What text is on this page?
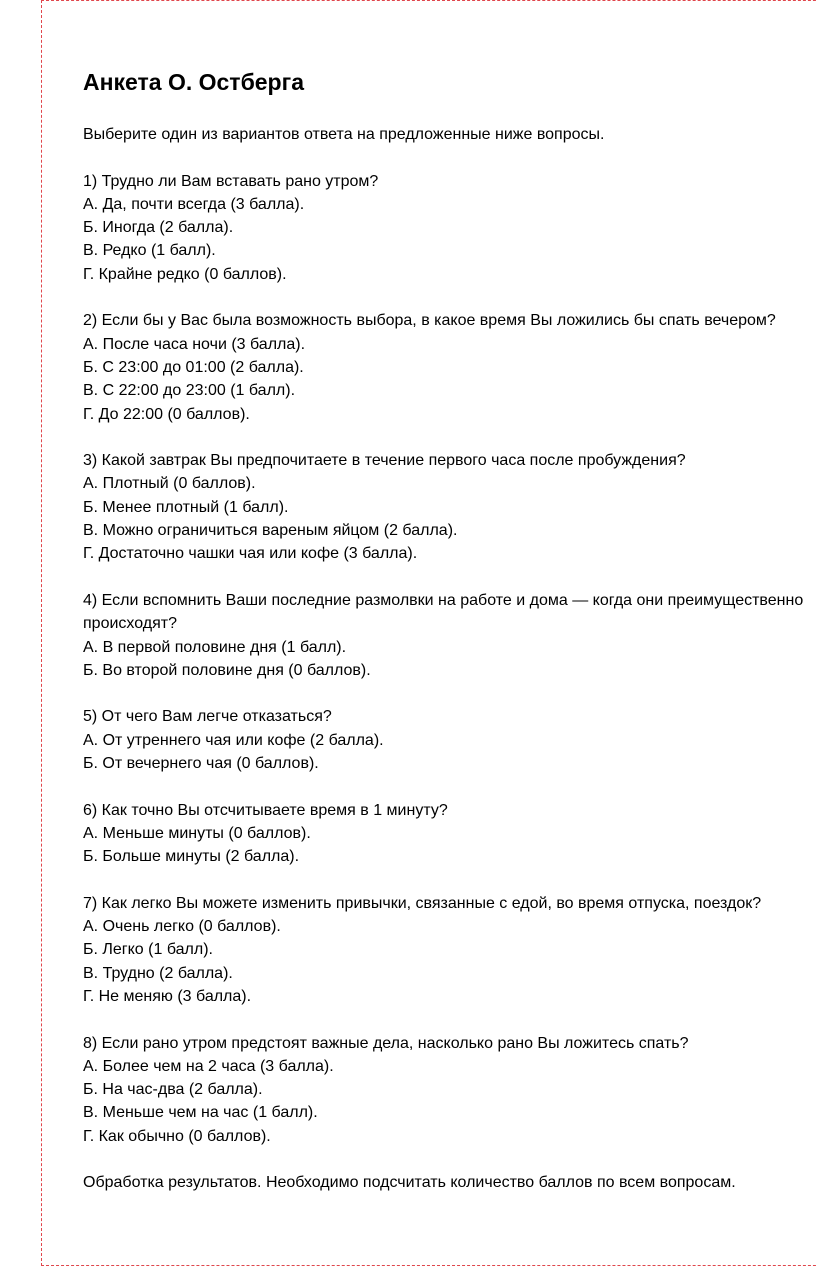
Анкета О. Остберга

Выберите один из вариантов ответа на предложенные ниже вопросы.

1) Трудно ли Вам вставать рано утром?

А. Да, почти всегда (3 балла).

Б. Иногда (2 балла).

В. Редко (1 балл).

Г. Крайне редко (0 баллов).

2) Если бы у Вас была возможность выбора, в какое время Вы ложились бы спать вечером?

А. После часа ночи (3 балла).

Б. С 23:00 до 01:00 (2 балла).

В. С 22:00 до 23:00 (1 балл).

Г. До 22:00 (0 баллов).

3) Какой завтрак Вы предпочитаете в течение первого часа после пробуждения?

А. Плотный (0 баллов).

Б. Менее плотный (1 балл).

В. Можно ограничиться вареным яйцом (2 балла).

Г. Достаточно чашки чая или кофе (3 балла).

4) Если вспомнить Ваши последние размолвки на работе и дома — когда они преимущественно происходят?

А. В первой половине дня (1 балл).

Б. Во второй половине дня (0 баллов).

5) От чего Вам легче отказаться?

А. От утреннего чая или кофе (2 балла).

Б. От вечернего чая (0 баллов).

6) Как точно Вы отсчитываете время в 1 минуту?

А. Меньше минуты (0 баллов).

Б. Больше минуты (2 балла).

7) Как легко Вы можете изменить привычки, связанные с едой, во время отпуска, поездок?

А. Очень легко (0 баллов).

Б. Легко (1 балл).

В. Трудно (2 балла).

Г. Не меняю (3 балла).

8) Если рано утром предстоят важные дела, насколько рано Вы ложитесь спать?

А. Более чем на 2 часа (3 балла).

Б. На час-два (2 балла).

В. Меньше чем на час (1 балл).

Г. Как обычно (0 баллов).

Обработка результатов. Необходимо подсчитать количество баллов по всем вопросам.
